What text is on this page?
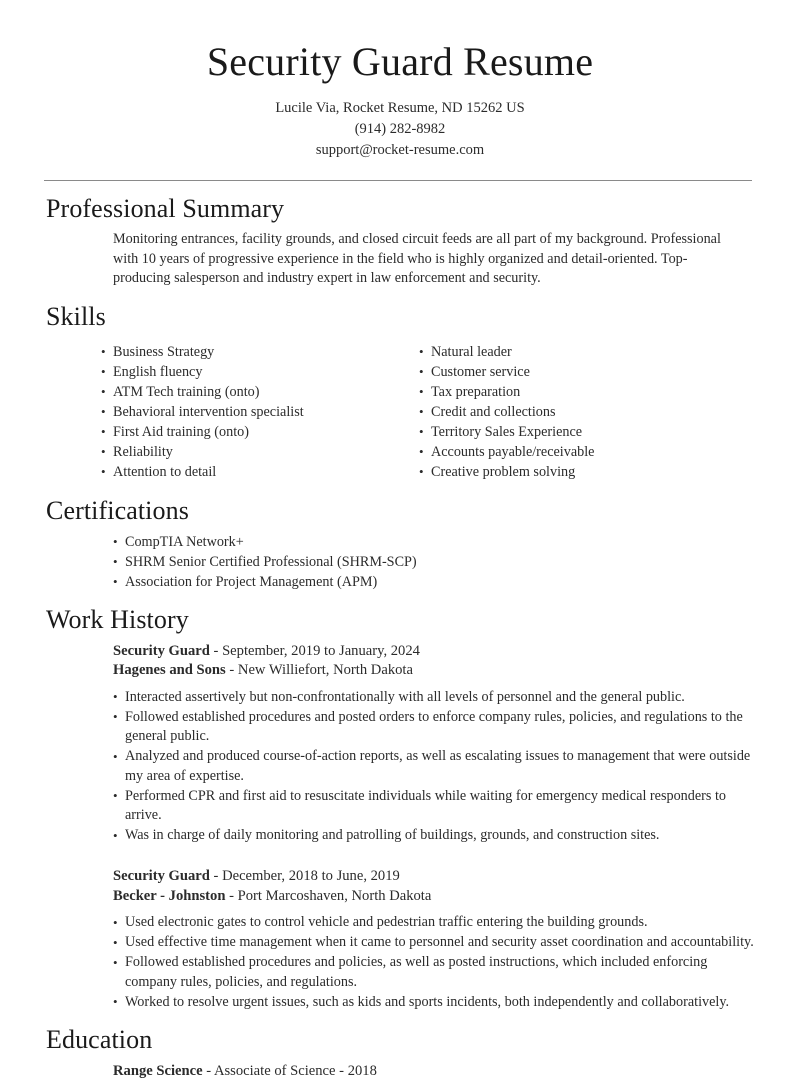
Security Guard Resume
Lucile Via, Rocket Resume, ND 15262 US
(914) 282-8982
support@rocket-resume.com
Professional Summary

Monitoring entrances, facility grounds, and closed circuit feeds are all part of my background. Professional with 10 years of progressive experience in the field who is highly organized and detail-oriented. Top-producing salesperson and industry expert in law enforcement and security.

Skills
• Business Strategy
• English fluency
• ATM Tech training (onto)
• Behavioral intervention specialist
• First Aid training (onto)
• Reliability
• Attention to detail
• Natural leader
• Customer service
• Tax preparation
• Credit and collections
• Territory Sales Experience
• Accounts payable/receivable
• Creative problem solving
Certifications
• CompTIA Network+
• SHRM Senior Certified Professional (SHRM-SCP)
• Association for Project Management (APM)
Work History
Security Guard - September, 2019 to January, 2024
Hagenes and Sons - New Williefort, North Dakota
• Interacted assertively but non-confrontationally with all levels of personnel and the general public.
• Followed established procedures and posted orders to enforce company rules, policies, and regulations to the general public.
• Analyzed and produced course-of-action reports, as well as escalating issues to management that were outside my area of expertise.
• Performed CPR and first aid to resuscitate individuals while waiting for emergency medical responders to arrive.
• Was in charge of daily monitoring and patrolling of buildings, grounds, and construction sites.
Security Guard - December, 2018 to June, 2019
Becker - Johnston - Port Marcoshaven, North Dakota
• Used electronic gates to control vehicle and pedestrian traffic entering the building grounds.
• Used effective time management when it came to personnel and security asset coordination and accountability.
• Followed established procedures and policies, as well as posted instructions, which included enforcing company rules, policies, and regulations.
• Worked to resolve urgent issues, such as kids and sports incidents, both independently and collaboratively.
Education
Range Science - Associate of Science - 2018
